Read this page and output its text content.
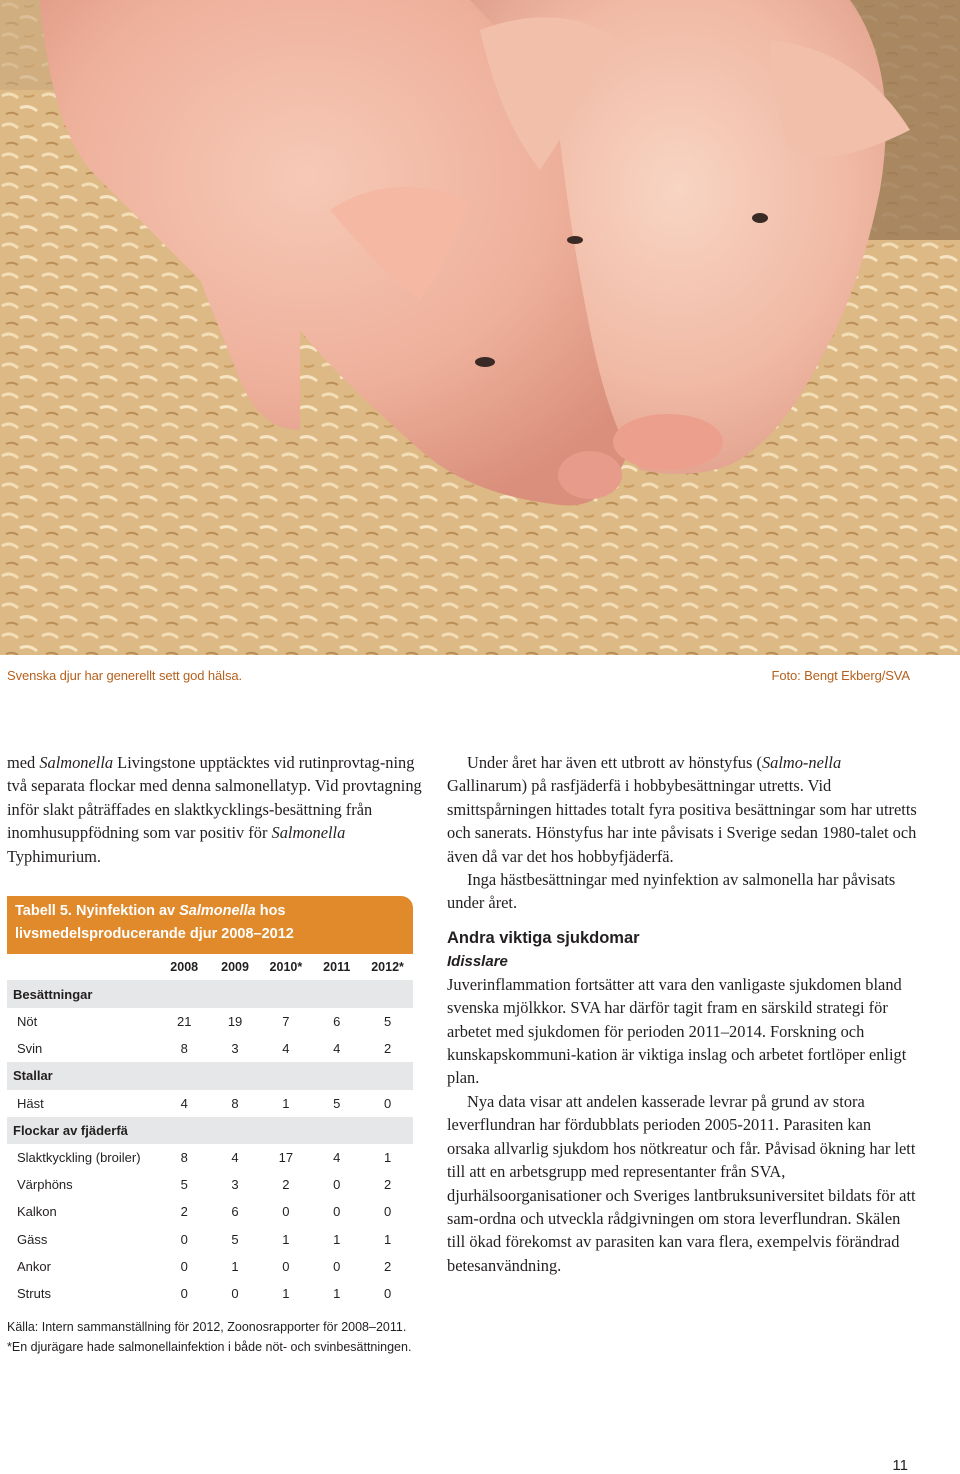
Svenska djur har generellt sett god hälsa.	Foto: Bengt Ekberg/SVA

med Salmonella Livingstone upptäcktes vid rutinprovtag-ning två separata flockar med denna salmonellatyp. Vid provtagning inför slakt påträffades en slaktkycklings-besättning från inomhusuppfödning som var positiv för Salmonella Typhimurium.

Tabell 5. Nyinfektion av Salmonella hos livsmedelsproducerande djur 2008–2012
2008	2009	2010*	2011	2012*
Besättningar
Nöt	21	19	7	6	5
Svin	8	3	4	4	2
Stallar
Häst	4	8	1	5	0
Flockar av fjäderfä
Slaktkyckling (broiler)	8	4	17	4	1
Värphöns	5	3	2	0	2
Kalkon	2	6	0	0	0
Gäss	0	5	1	1	1
Ankor	0	1	0	0	2
Struts	0	0	1	1	0
Källa: Intern sammanställning för 2012, Zoonosrapporter för 2008–2011.
*En djurägare hade salmonellainfektion i både nöt- och svinbesättningen.

Under året har även ett utbrott av hönstyfus (Salmo-nella Gallinarum) på rasfjäderfä i hobbybesättningar utretts. Vid smittspårningen hittades totalt fyra positiva besättningar som har utretts och sanerats. Hönstyfus har inte påvisats i Sverige sedan 1980-talet och även då var det hos hobbyfjäderfä.

Inga hästbesättningar med nyinfektion av salmonella har påvisats under året.

Andra viktiga sjukdomar
Idisslare

Juverinflammation fortsätter att vara den vanligaste sjukdomen bland svenska mjölkkor. SVA har därför tagit fram en särskild strategi för arbetet med sjukdomen för perioden 2011–2014. Forskning och kunskapskommuni-kation är viktiga inslag och arbetet fortlöper enligt plan.

Nya data visar att andelen kasserade levrar på grund av stora leverflundran har fördubblats perioden 2005-2011. Parasiten kan orsaka allvarlig sjukdom hos nötkreatur och får. Påvisad ökning har lett till att en arbetsgrupp med representanter från SVA, djurhälsoorganisationer och Sveriges lantbruksuniversitet bildats för att sam-ordna och utveckla rådgivningen om stora leverflundran. Skälen till ökad förekomst av parasiten kan vara flera, exempelvis förändrad betesanvändning.

11
